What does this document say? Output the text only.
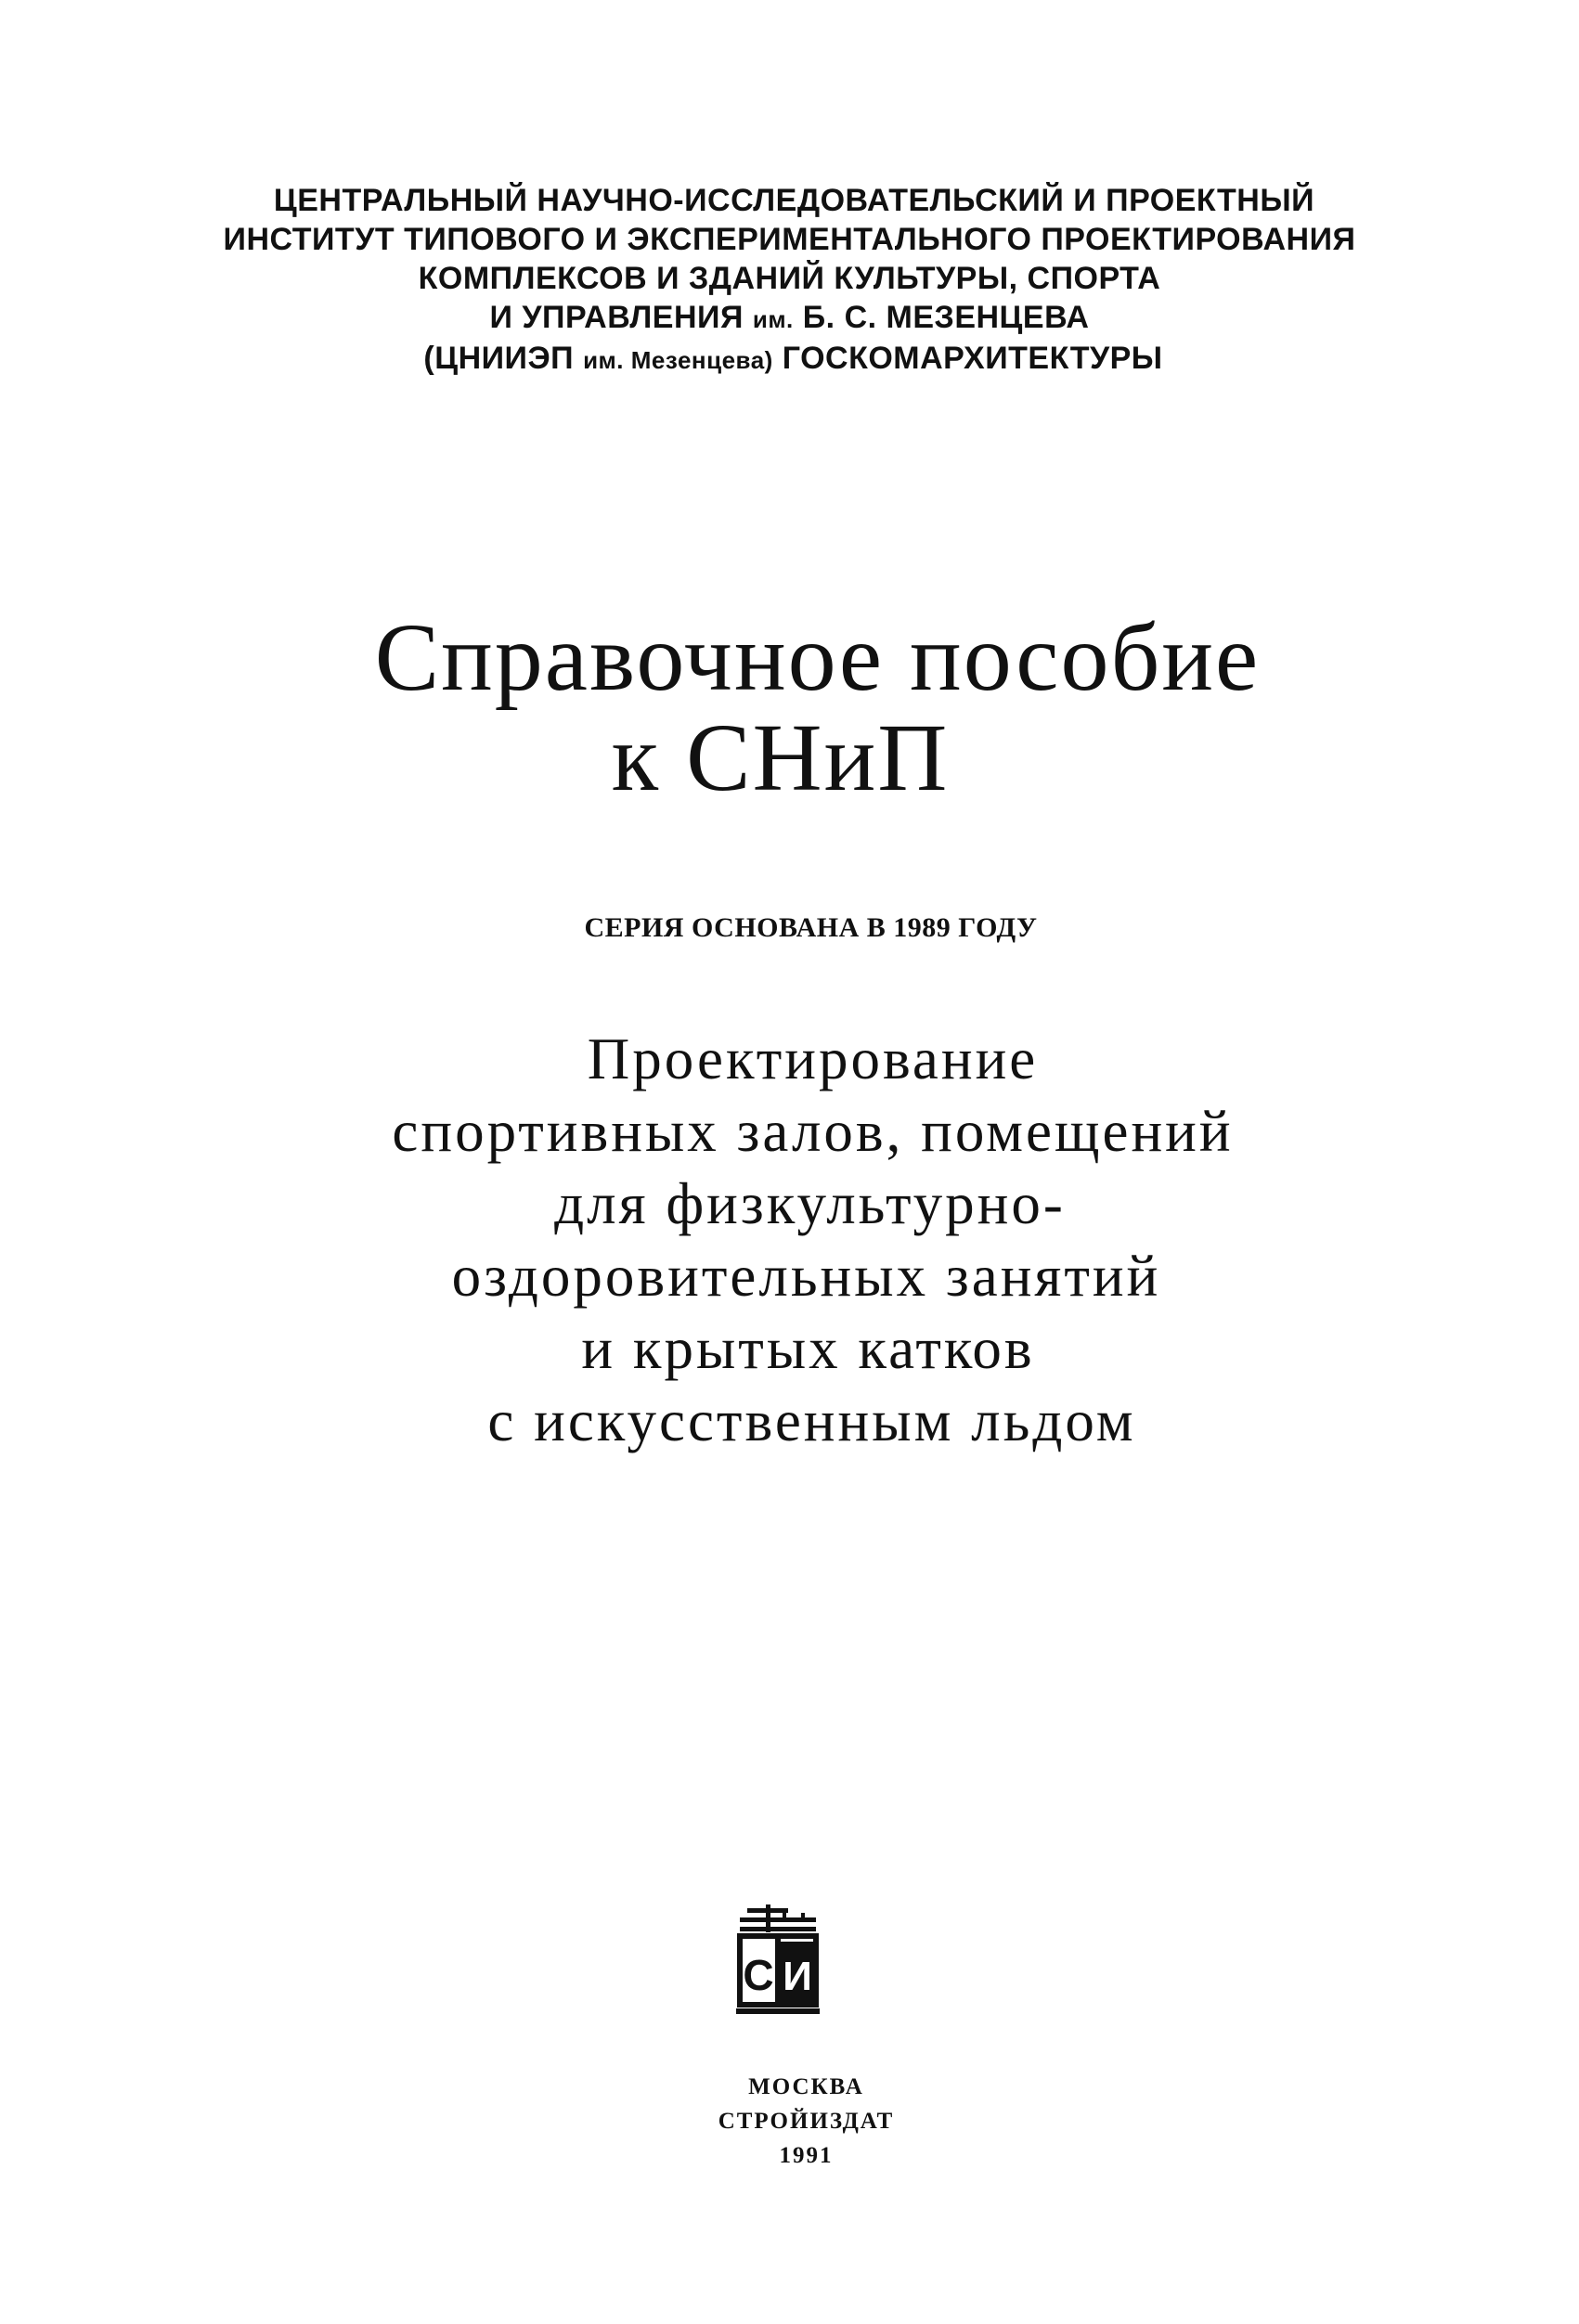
ЦЕНТРАЛЬНЫЙ НАУЧНО-ИССЛЕДОВАТЕЛЬСКИЙ И ПРОЕКТНЫЙ
ИНСТИТУТ ТИПОВОГО И ЭКСПЕРИМЕНТАЛЬНОГО ПРОЕКТИРОВАНИЯ
КОМПЛЕКСОВ И ЗДАНИЙ КУЛЬТУРЫ, СПОРТА
И УПРАВЛЕНИЯ им. Б. С. МЕЗЕНЦЕВА
(ЦНИИЭП им. Мезенцева) ГОСКОМАРХИТЕКТУРЫ
Справочное пособие
к СНиП
СЕРИЯ ОСНОВАНА В 1989 ГОДУ
Проектирование
спортивных залов, помещений
для физкультурно-
оздоровительных занятий
и крытых катков
с искусственным льдом
С И
МОСКВА
СТРОЙИЗДАТ
1991
